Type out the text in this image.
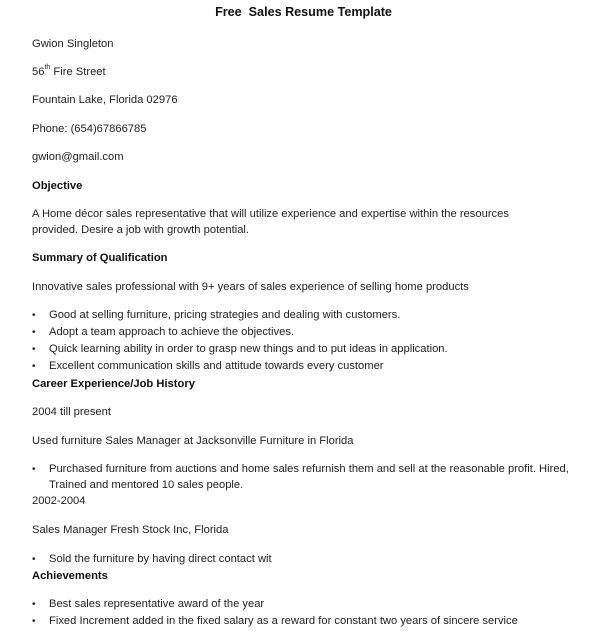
Free  Sales Resume Template
Gwion Singleton
56th Fire Street
Fountain Lake, Florida 02976
Phone: (654)67866785
gwion@gmail.com
Objective
A Home décor sales representative that will utilize experience and expertise within the resources provided. Desire a job with growth potential.
Summary of Qualification
Innovative sales professional with 9+ years of sales experience of selling home products
•	Good at selling furniture, pricing strategies and dealing with customers.
•	Adopt a team approach to achieve the objectives.
•	Quick learning ability in order to grasp new things and to put ideas in application.
•	Excellent communication skills and attitude towards every customer
Career Experience/Job History
2004 till present
Used furniture Sales Manager at Jacksonville Furniture in Florida
•	Purchased furniture from auctions and home sales refurnish them and sell at the reasonable profit. Hired, Trained and mentored 10 sales people.
2002-2004
Sales Manager Fresh Stock Inc, Florida
•	Sold the furniture by having direct contact wit
Achievements
•	Best sales representative award of the year
•	Fixed Increment added in the fixed salary as a reward for constant two years of sincere service
